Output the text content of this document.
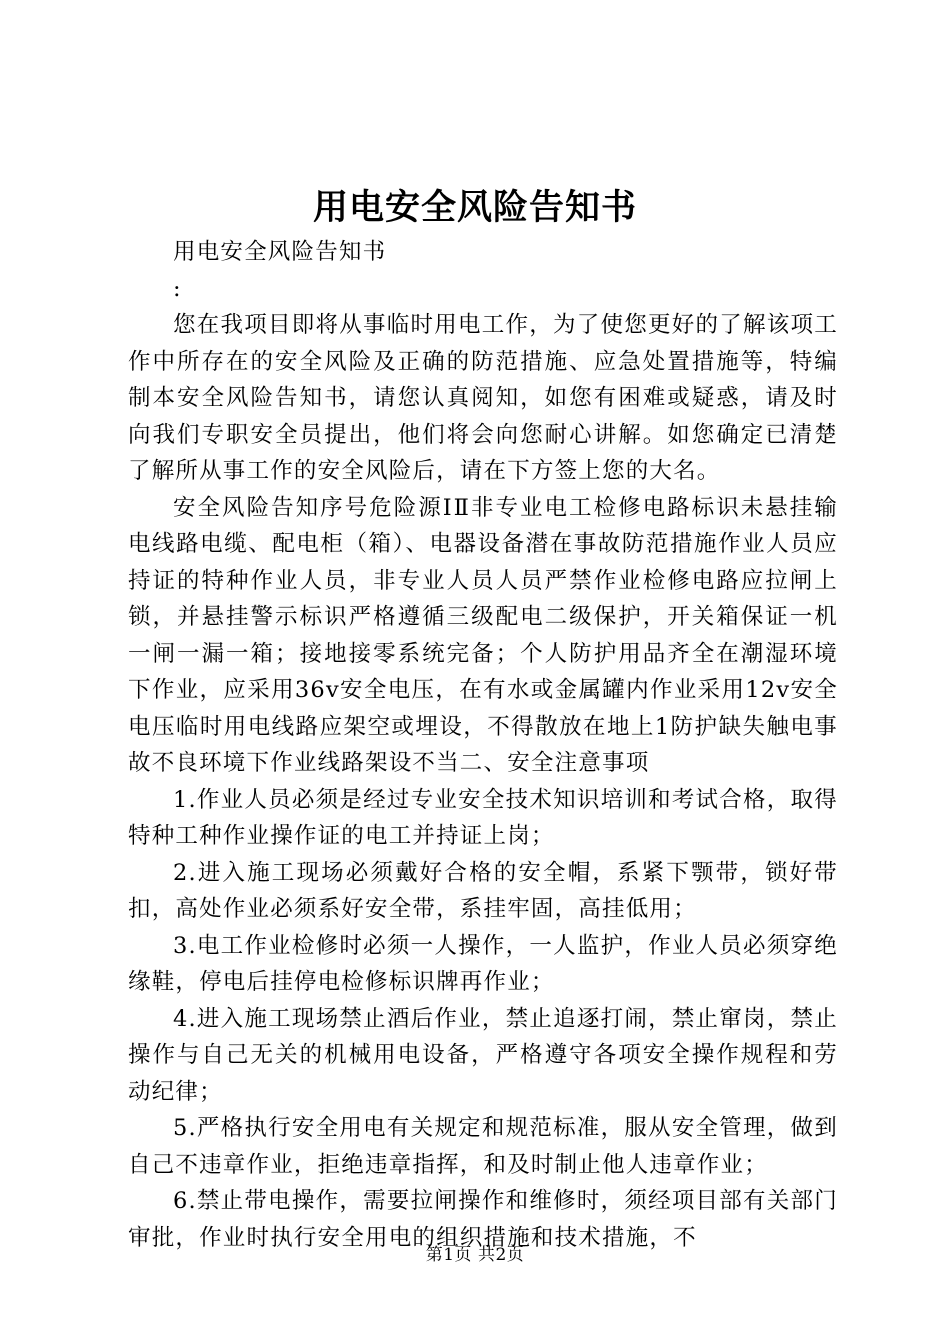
用电安全风险告知书

用电安全风险告知书

:

您在我项目即将从事临时用电工作，为了使您更好的了解该项工作中所存在的安全风险及正确的防范措施、应急处置措施等，特编制本安全风险告知书，请您认真阅知，如您有困难或疑惑，请及时向我们专职安全员提出，他们将会向您耐心讲解。如您确定已清楚了解所从事工作的安全风险后，请在下方签上您的大名。

安全风险告知序号危险源ⅠⅡ非专业电工检修电路标识未悬挂输电线路电缆、配电柜（箱）、电器设备潜在事故防范措施作业人员应持证的特种作业人员，非专业人员人员严禁作业检修电路应拉闸上锁，并悬挂警示标识严格遵循三级配电二级保护，开关箱保证一机一闸一漏一箱；接地接零系统完备；个人防护用品齐全在潮湿环境下作业，应采用36v安全电压，在有水或金属罐内作业采用12v安全电压临时用电线路应架空或埋设，不得散放在地上1防护缺失触电事故不良环境下作业线路架设不当二、安全注意事项

1.作业人员必须是经过专业安全技术知识培训和考试合格，取得特种工种作业操作证的电工并持证上岗；

2.进入施工现场必须戴好合格的安全帽，系紧下颚带，锁好带扣，高处作业必须系好安全带，系挂牢固，高挂低用；

3.电工作业检修时必须一人操作，一人监护，作业人员必须穿绝缘鞋，停电后挂停电检修标识牌再作业；

4.进入施工现场禁止酒后作业，禁止追逐打闹，禁止窜岗，禁止操作与自己无关的机械用电设备，严格遵守各项安全操作规程和劳动纪律；

5.严格执行安全用电有关规定和规范标准，服从安全管理，做到自己不违章作业，拒绝违章指挥，和及时制止他人违章作业；

6.禁止带电操作，需要拉闸操作和维修时，须经项目部有关部门审批，作业时执行安全用电的组织措施和技术措施，不

第1页 共2页
